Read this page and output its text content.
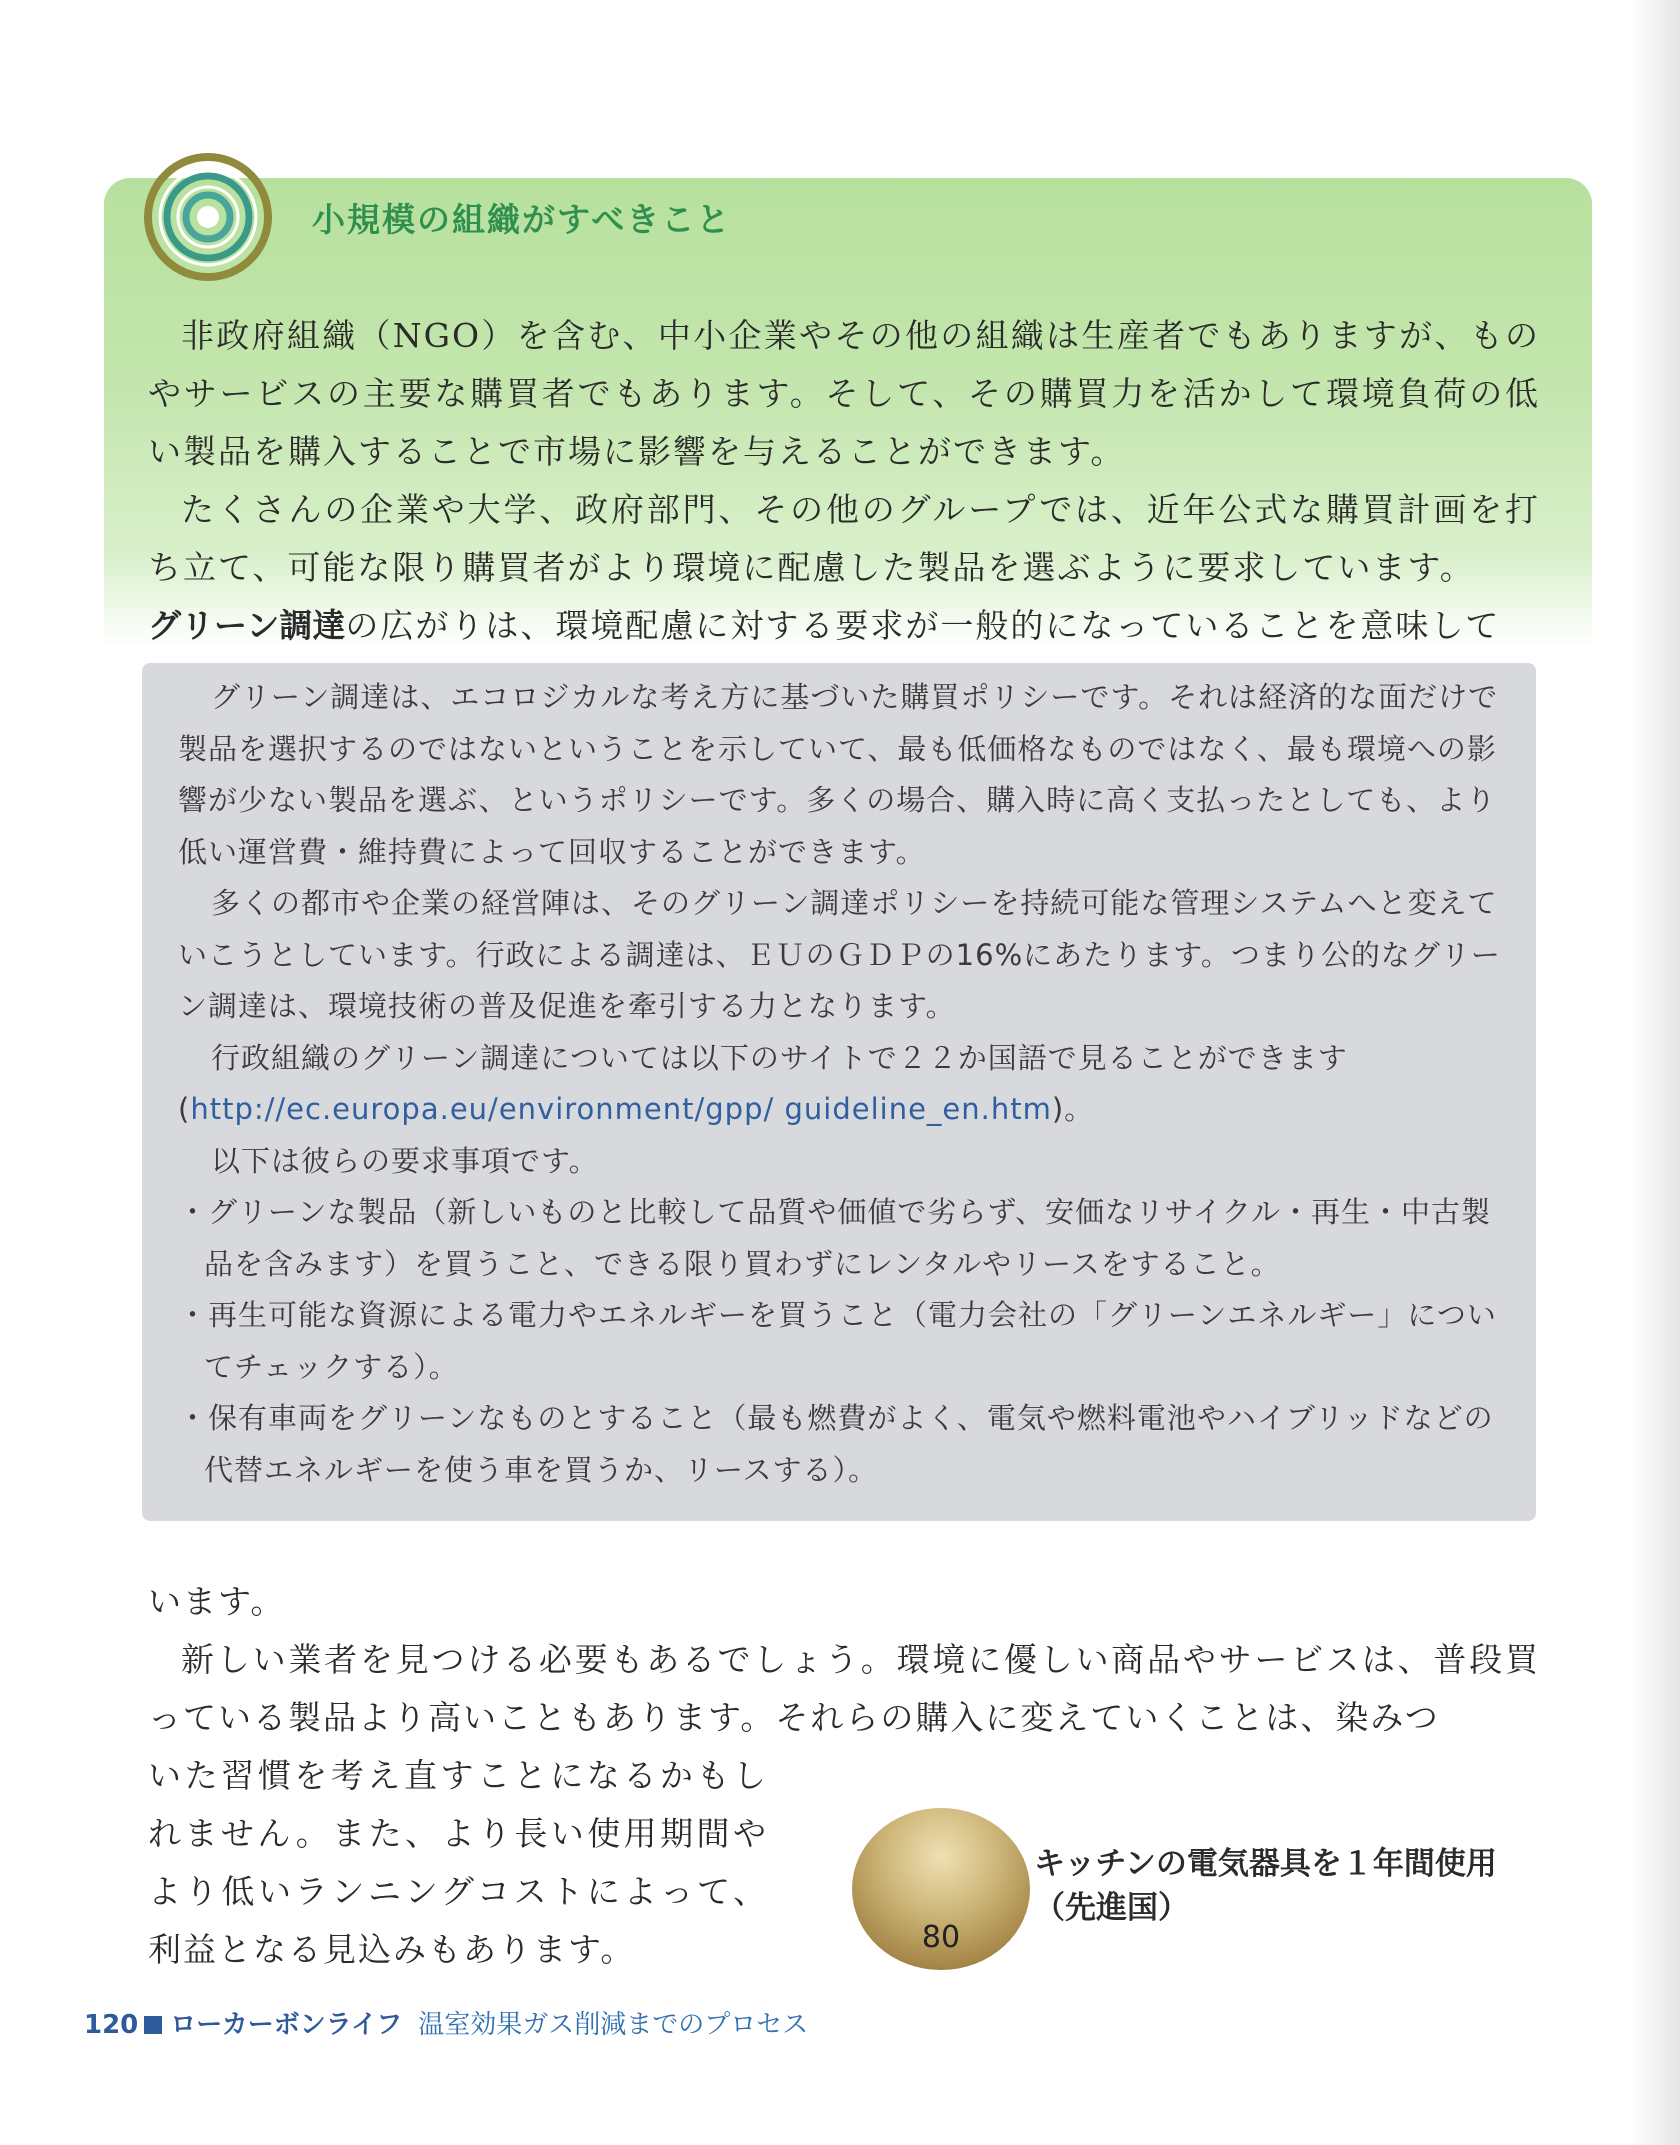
小規模の組織がすべきこと

非政府組織（NGO）を含む、中小企業やその他の組織は生産者でもありますが、ものやサービスの主要な購買者でもあります。そして、その購買力を活かして環境負荷の低い製品を購入することで市場に影響を与えることができます。

たくさんの企業や大学、政府部門、その他のグループでは、近年公式な購買計画を打ち立て、可能な限り購買者がより環境に配慮した製品を選ぶように要求しています。

グリーン調達の広がりは、環境配慮に対する要求が一般的になっていることを意味して

グリーン調達は、エコロジカルな考え方に基づいた購買ポリシーです。それは経済的な面だけで製品を選択するのではないということを示していて、最も低価格なものではなく、最も環境への影響が少ない製品を選ぶ、というポリシーです。多くの場合、購入時に高く支払ったとしても、より低い運営費・維持費によって回収することができます。

多くの都市や企業の経営陣は、そのグリーン調達ポリシーを持続可能な管理システムへと変えていこうとしています。行政による調達は、ＥＵのＧＤＰの16%にあたります。つまり公的なグリーン調達は、環境技術の普及促進を牽引する力となります。

行政組織のグリーン調達については以下のサイトで２２か国語で見ることができます

(http://ec.europa.eu/environment/gpp/ guideline_en.htm)。

以下は彼らの要求事項です。

・グリーンな製品（新しいものと比較して品質や価値で劣らず、安価なリサイクル・再生・中古製品を含みます）を買うこと、できる限り買わずにレンタルやリースをすること。

・再生可能な資源による電力やエネルギーを買うこと（電力会社の「グリーンエネルギー」についてチェックする）。

・保有車両をグリーンなものとすること（最も燃費がよく、電気や燃料電池やハイブリッドなどの代替エネルギーを使う車を買うか、リースする）。

います。

新しい業者を見つける必要もあるでしょう。環境に優しい商品やサービスは、普段買っている製品より高いこともあります。それらの購入に変えていくことは、染みつ

いた習慣を考え直すことになるかもしれません。また、より長い使用期間やより低いランニングコストによって、利益となる見込みもあります。	80
キッチンの電気器具を１年間使用（先進国）
120 ローカーボンライフ 温室効果ガス削減までのプロセス
